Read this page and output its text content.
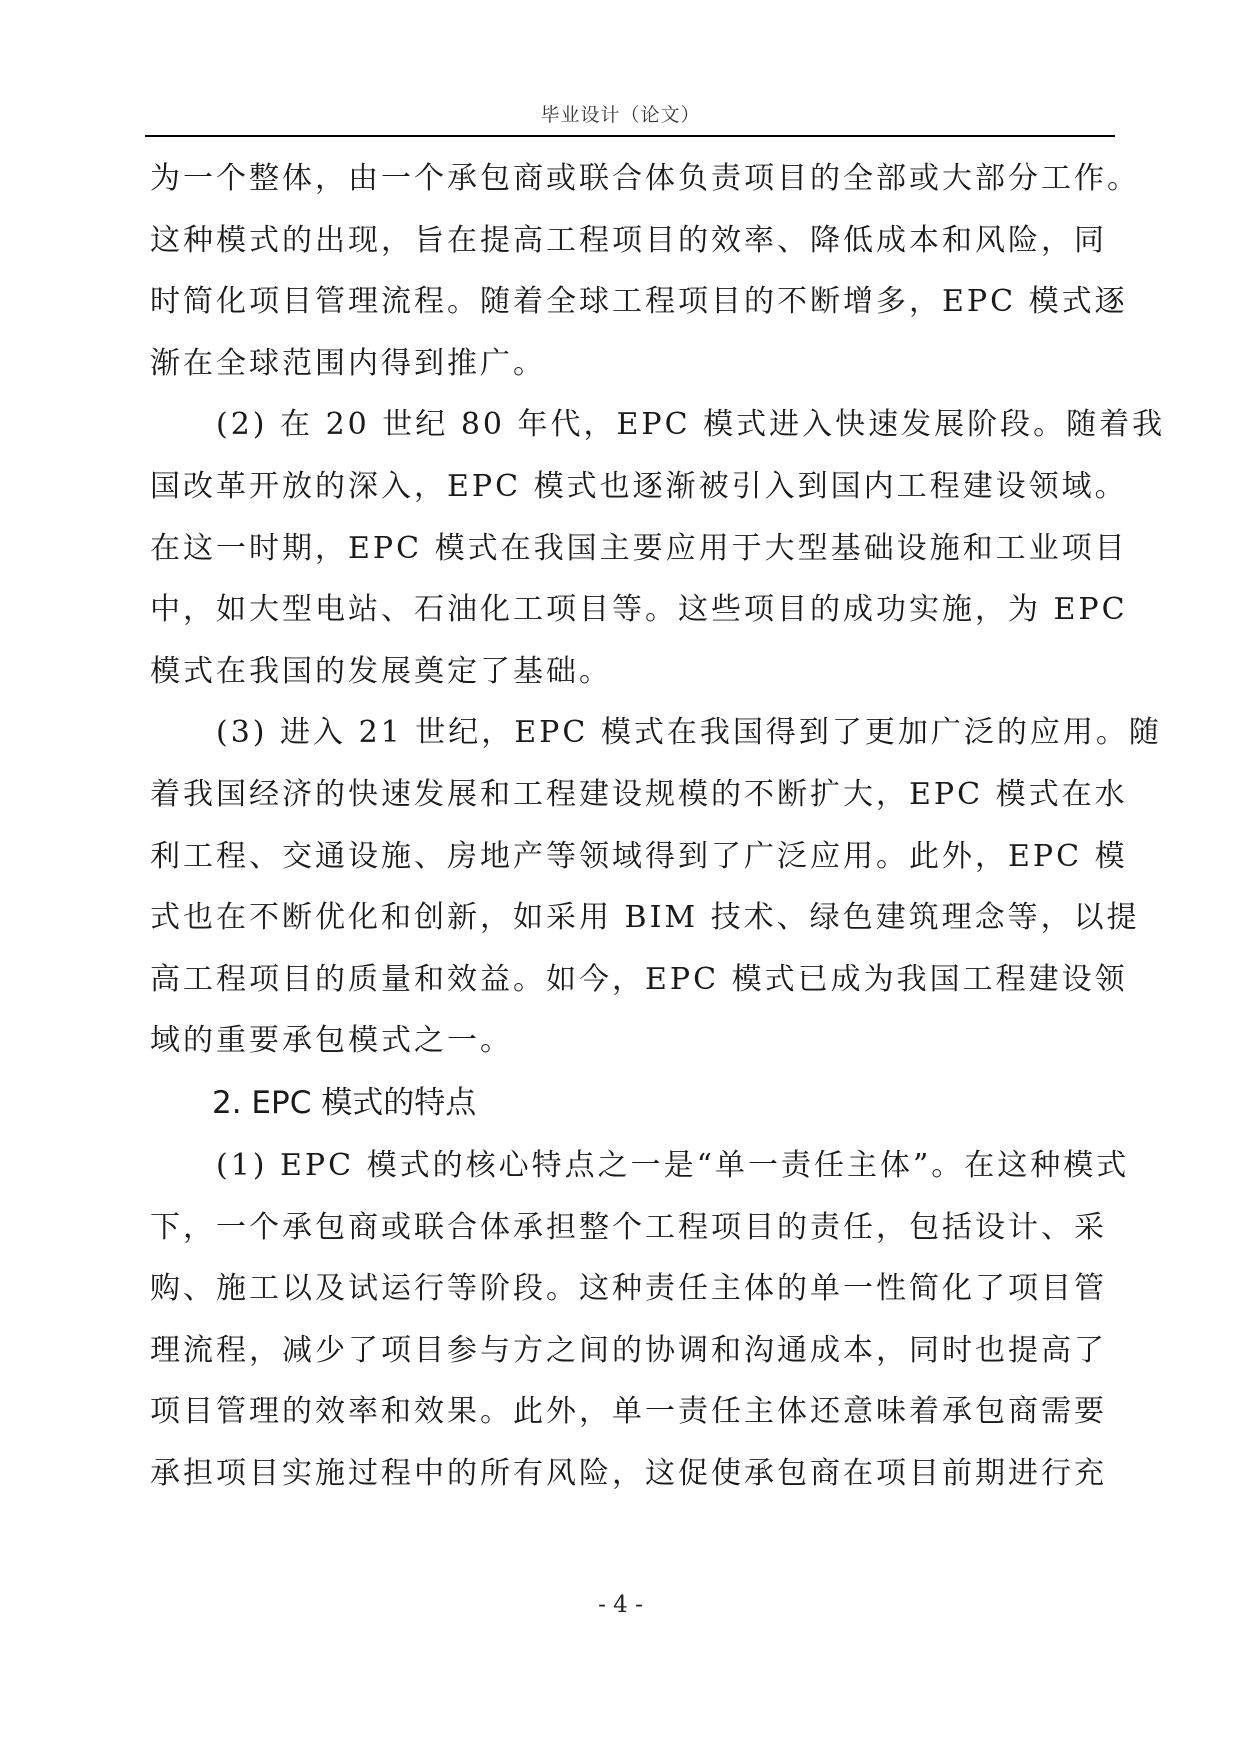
毕业设计（论文）
为一个整体，由一个承包商或联合体负责项目的全部或大部分工作。
这种模式的出现，旨在提高工程项目的效率、降低成本和风险，同
时简化项目管理流程。随着全球工程项目的不断增多，EPC 模式逐
渐在全球范围内得到推广。
　　(2) 在 20 世纪 80 年代，EPC 模式进入快速发展阶段。随着我
国改革开放的深入，EPC 模式也逐渐被引入到国内工程建设领域。
在这一时期，EPC 模式在我国主要应用于大型基础设施和工业项目
中，如大型电站、石油化工项目等。这些项目的成功实施，为 EPC
模式在我国的发展奠定了基础。
　　(3) 进入 21 世纪，EPC 模式在我国得到了更加广泛的应用。随
着我国经济的快速发展和工程建设规模的不断扩大，EPC 模式在水
利工程、交通设施、房地产等领域得到了广泛应用。此外，EPC 模
式也在不断优化和创新，如采用 BIM 技术、绿色建筑理念等，以提
高工程项目的质量和效益。如今，EPC 模式已成为我国工程建设领
域的重要承包模式之一。
2. EPC 模式的特点
　　(1) EPC 模式的核心特点之一是“单一责任主体”。在这种模式
下，一个承包商或联合体承担整个工程项目的责任，包括设计、采
购、施工以及试运行等阶段。这种责任主体的单一性简化了项目管
理流程，减少了项目参与方之间的协调和沟通成本，同时也提高了
项目管理的效率和效果。此外，单一责任主体还意味着承包商需要
承担项目实施过程中的所有风险，这促使承包商在项目前期进行充
- 4 -
